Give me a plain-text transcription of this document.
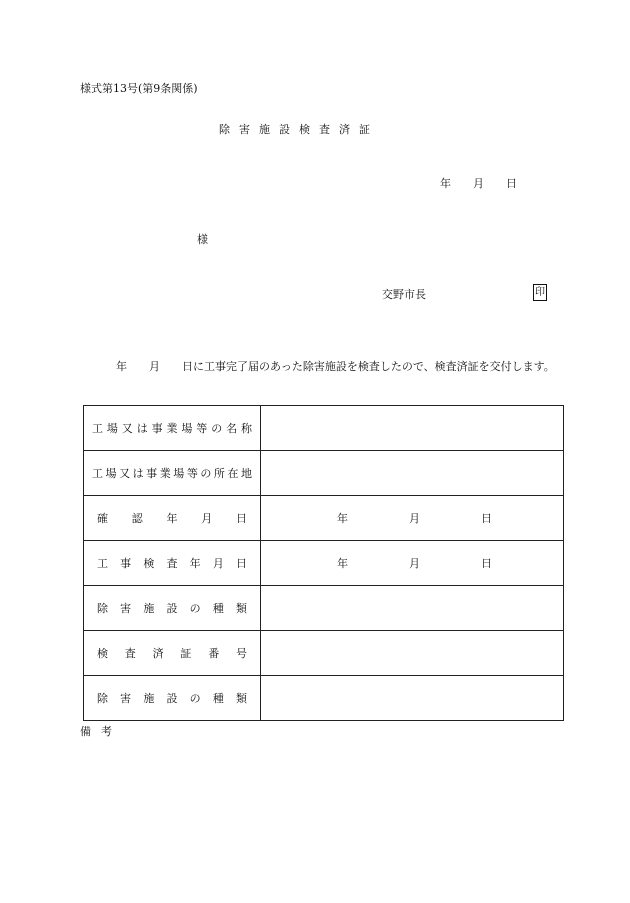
様式第13号(第9条関係)
除害施設検査済証
年 月 日
様
交野市長	印
年　　月　　日に工事完了届のあった除害施設を検査したので、検査済証を交付します。
工場又は事業場等の名称	
工場又は事業場等の所在地	
確認年月日	年 月 日

工事検査年月日	年 月 日

除害施設の種類	
検査済証番号	
除害施設の種類	
備考
